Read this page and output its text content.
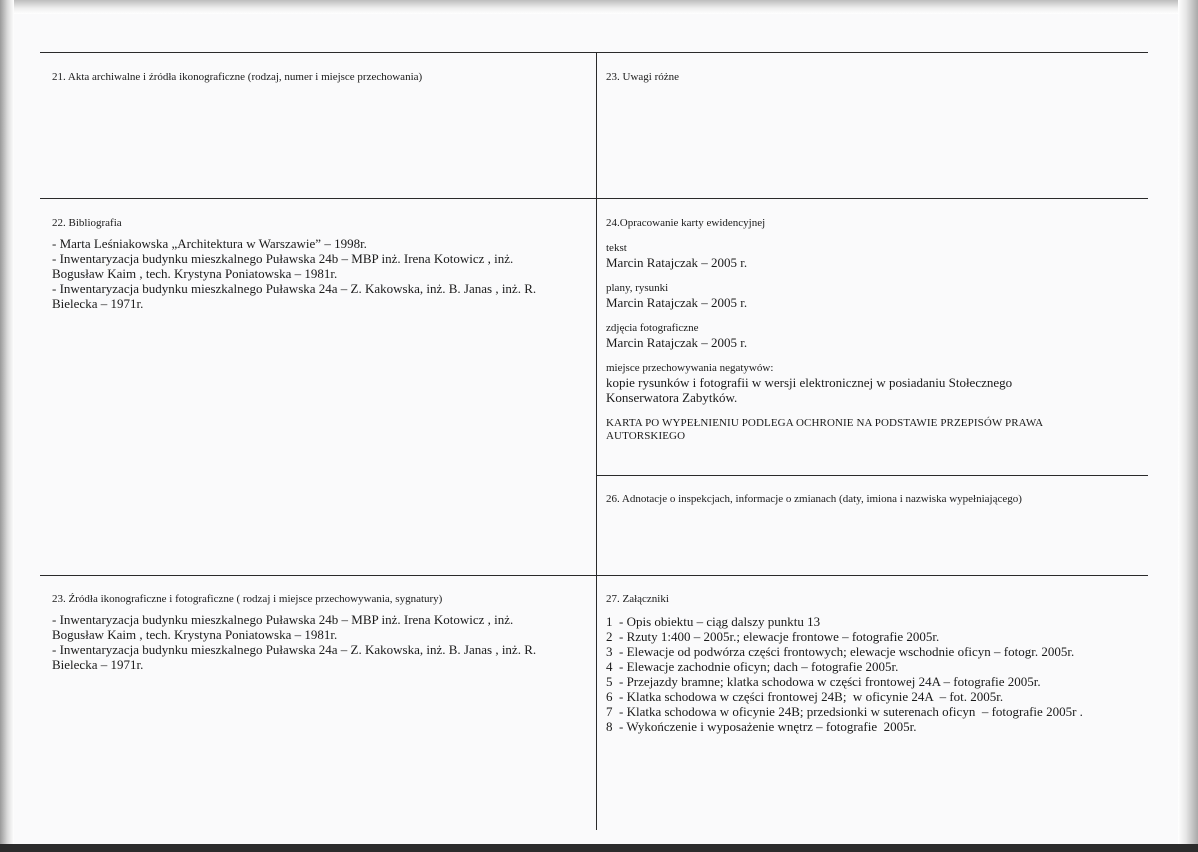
21. Akta archiwalne i źródła ikonograficzne (rodzaj, numer i miejsce przechowania)	23. Uwagi różne

22. Bibliografia

- Marta Leśniakowska „Architektura w Warszawie” – 1998r.

- Inwentaryzacja budynku mieszkalnego Puławska 24b – MBP inż. Irena Kotowicz , inż.

Bogusław Kaim , tech. Krystyna Poniatowska – 1981r.

- Inwentaryzacja budynku mieszkalnego Puławska 24a – Z. Kakowska, inż. B. Janas , inż. R.

Bielecka – 1971r.

24.Opracowanie karty ewidencyjnej

tekst

Marcin Ratajczak – 2005 r.

plany, rysunki

Marcin Ratajczak – 2005 r.

zdjęcia fotograficzne

Marcin Ratajczak – 2005 r.

miejsce przechowywania negatywów:

kopie rysunków i fotografii w wersji elektronicznej w posiadaniu Stołecznego

Konserwatora Zabytków.

KARTA PO WYPEŁNIENIU PODLEGA OCHRONIE NA PODSTAWIE PRZEPISÓW PRAWA

AUTORSKIEGO

26. Adnotacje o inspekcjach, informacje o zmianach (daty, imiona i nazwiska wypełniającego)

23. Źródła ikonograficzne i fotograficzne ( rodzaj i miejsce przechowywania, sygnatury)

- Inwentaryzacja budynku mieszkalnego Puławska 24b – MBP inż. Irena Kotowicz , inż.

Bogusław Kaim , tech. Krystyna Poniatowska – 1981r.

- Inwentaryzacja budynku mieszkalnego Puławska 24a – Z. Kakowska, inż. B. Janas , inż. R.

Bielecka – 1971r.

27. Załączniki

1  - Opis obiektu – ciąg dalszy punktu 13

2  - Rzuty 1:400 – 2005r.; elewacje frontowe – fotografie 2005r.

3  - Elewacje od podwórza części frontowych; elewacje wschodnie oficyn – fotogr. 2005r.

4  - Elewacje zachodnie oficyn; dach – fotografie 2005r.

5  - Przejazdy bramne; klatka schodowa w części frontowej 24A – fotografie 2005r.

6  - Klatka schodowa w części frontowej 24B;  w oficynie 24A  – fot. 2005r.

7  - Klatka schodowa w oficynie 24B; przedsionki w suterenach oficyn  – fotografie 2005r .

8  - Wykończenie i wyposażenie wnętrz – fotografie  2005r.
